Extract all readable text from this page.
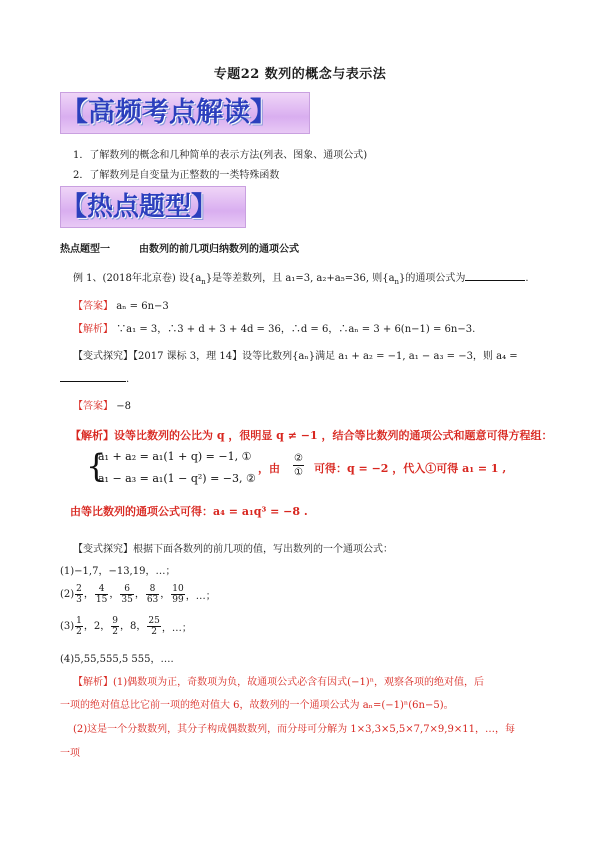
专题22 数列的概念与表示法
【高频考点解读】
1．了解数列的概念和几种简单的表示方法(列表、图象、通项公式)
2．了解数列是自变量为正整数的一类特殊函数
【热点题型】
热点题型一	由数列的前几项归纳数列的通项公式
例 1、(2018年北京卷) 设$\{a_n\}$是等差数列，且 a₁=3, a₂+a₅=36, 则$\{a_n\}$的通项公式为	.
【答案】 aₙ = 6n−3
【解析】 ∵a₁ = 3，∴3 + d + 3 + 4d = 36，∴d = 6，∴aₙ = 3 + 6(n−1) = 6n−3.
【变式探究】【2017 课标 3，理 14】设等比数列{aₙ}满足 a₁ + a₂ = −1, a₁ − a₃ = −3，则 a₄ =
.
【答案】 −8
【解析】设等比数列的公比为 q ，很明显 q ≠ −1 ，结合等比数列的通项公式和题意可得方程组：
{
a₁ + a₂ = a₁(1 + q) = −1, ①
a₁ − a₃ = a₁(1 − q²) = −3, ②
，由
②
① 可得：q = −2 ，代入①可得 a₁ = 1 ,
由等比数列的通项公式可得：a₄ = a₁q³ = −8 .
【变式探究】根据下面各数列的前几项的值，写出数列的一个通项公式：
(1)−1,7，−13,19，…；
$(2) \frac{2}{3}$ ， $\frac{4}{15}$ ， $\frac{6}{35}$ ， $\frac{8}{63}$ ， $\frac{10}{99}$ ，…；
$(3) \frac{1}{2}$ ，2， $\frac{9}{2}$ ，8， $\frac{25}{2}$ ，…；
(4)5,55,555,5 555，….
【解析】(1)偶数项为正，奇数项为负，故通项公式必含有因式(−1)ⁿ，观察各项的绝对值，后
一项的绝对值总比它前一项的绝对值大 6，故数列的一个通项公式为 aₙ=(−1)ⁿ(6n−5)。
(2)这是一个分数数列，其分子构成偶数数列，而分母可分解为 1×3,3×5,5×7,7×9,9×11，…，每
一项
